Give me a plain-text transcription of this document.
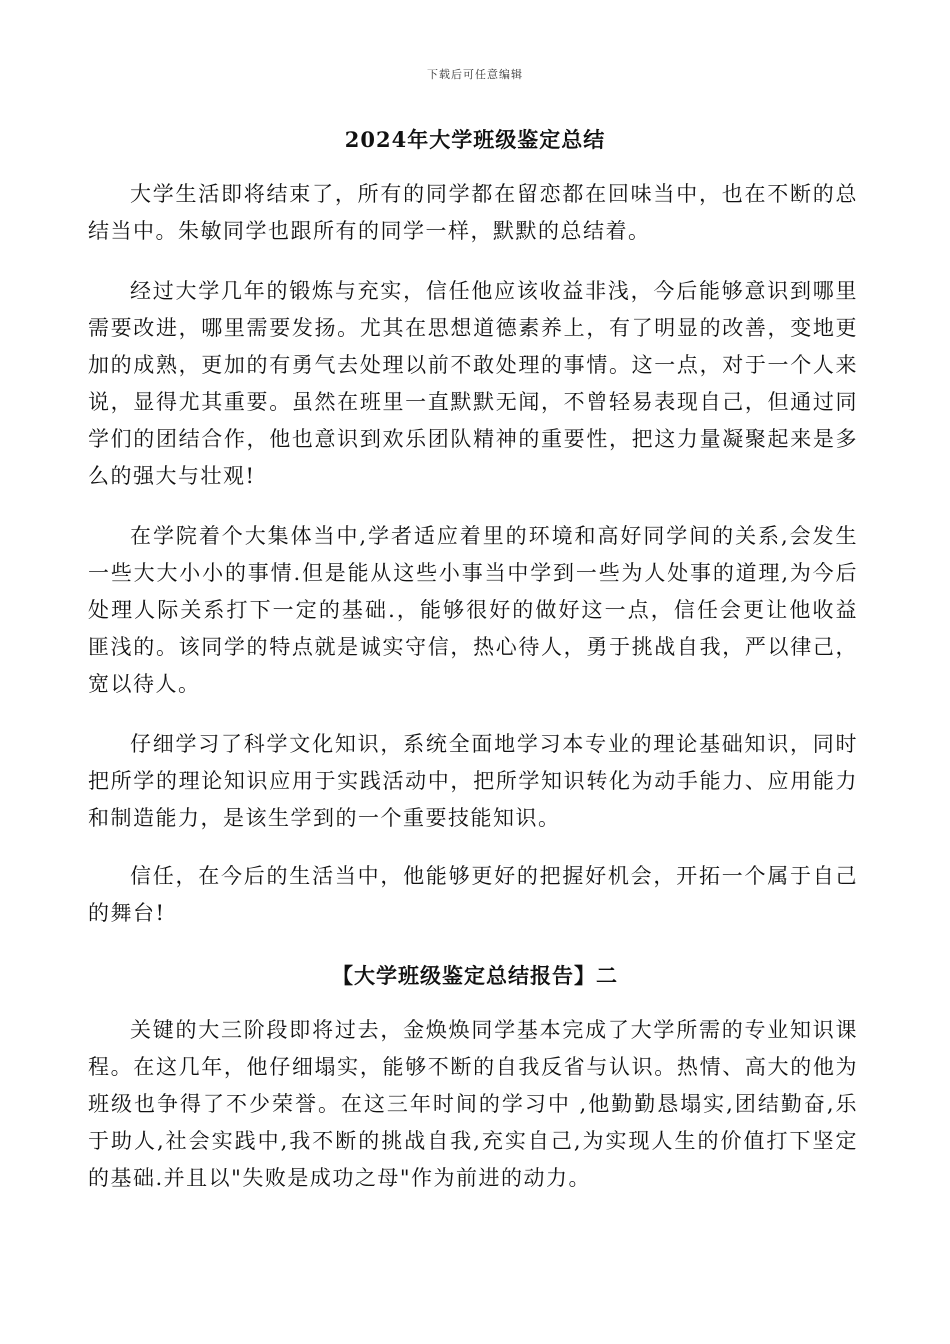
下载后可任意编辑
2024年大学班级鉴定总结

大学生活即将结束了，所有的同学都在留恋都在回味当中，也在不断的总结当中。朱敏同学也跟所有的同学一样，默默的总结着。

经过大学几年的锻炼与充实，信任他应该收益非浅，今后能够意识到哪里需要改进，哪里需要发扬。尤其在思想道德素养上，有了明显的改善，变地更加的成熟，更加的有勇气去处理以前不敢处理的事情。这一点，对于一个人来说，显得尤其重要。虽然在班里一直默默无闻，不曾轻易表现自己，但通过同学们的团结合作，他也意识到欢乐团队精神的重要性，把这力量凝聚起来是多么的强大与壮观!

在学院着个大集体当中,学者适应着里的环境和高好同学间的关系,会发生一些大大小小的事情.但是能从这些小事当中学到一些为人处事的道理,为今后处理人际关系打下一定的基础.，能够很好的做好这一点，信任会更让他收益匪浅的。该同学的特点就是诚实守信，热心待人，勇于挑战自我，严以律己，宽以待人。

仔细学习了科学文化知识，系统全面地学习本专业的理论基础知识，同时把所学的理论知识应用于实践活动中，把所学知识转化为动手能力、应用能力和制造能力，是该生学到的一个重要技能知识。

信任，在今后的生活当中，他能够更好的把握好机会，开拓一个属于自己的舞台!

【大学班级鉴定总结报告】二

关键的大三阶段即将过去，金焕焕同学基本完成了大学所需的专业知识课程。在这几年，他仔细塌实，能够不断的自我反省与认识。热情、高大的他为班级也争得了不少荣誉。在这三年时间的学习中 ,他勤勤恳塌实,团结勤奋,乐于助人,社会实践中,我不断的挑战自我,充实自己,为实现人生的价值打下坚定的基础.并且以"失败是成功之母"作为前进的动力。
